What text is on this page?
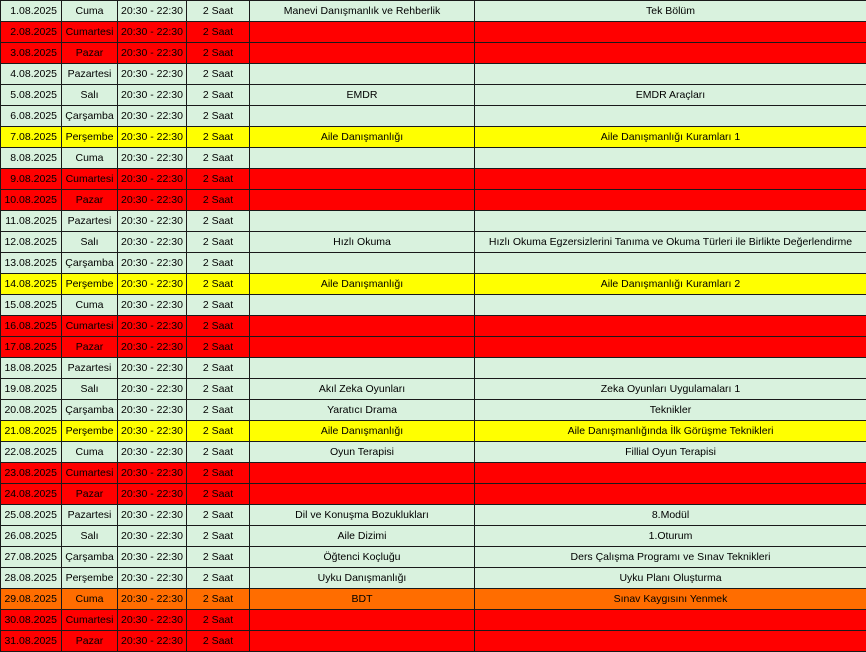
1.08.2025	Cuma	20:30 - 22:30	2 Saat	Manevi Danışmanlık ve Rehberlik	Tek Bölüm
2.08.2025	Cumartesi	20:30 - 22:30	2 Saat		
3.08.2025	Pazar	20:30 - 22:30	2 Saat		
4.08.2025	Pazartesi	20:30 - 22:30	2 Saat		
5.08.2025	Salı	20:30 - 22:30	2 Saat	EMDR	EMDR Araçları
6.08.2025	Çarşamba	20:30 - 22:30	2 Saat		
7.08.2025	Perşembe	20:30 - 22:30	2 Saat	Aile Danışmanlığı	Aile Danışmanlığı Kuramları 1
8.08.2025	Cuma	20:30 - 22:30	2 Saat		
9.08.2025	Cumartesi	20:30 - 22:30	2 Saat		
10.08.2025	Pazar	20:30 - 22:30	2 Saat		
11.08.2025	Pazartesi	20:30 - 22:30	2 Saat		
12.08.2025	Salı	20:30 - 22:30	2 Saat	Hızlı Okuma	Hızlı Okuma Egzersizlerini Tanıma ve Okuma Türleri ile Birlikte Değerlendirme
13.08.2025	Çarşamba	20:30 - 22:30	2 Saat		
14.08.2025	Perşembe	20:30 - 22:30	2 Saat	Aile Danışmanlığı	Aile Danışmanlığı Kuramları 2
15.08.2025	Cuma	20:30 - 22:30	2 Saat		
16.08.2025	Cumartesi	20:30 - 22:30	2 Saat		
17.08.2025	Pazar	20:30 - 22:30	2 Saat		
18.08.2025	Pazartesi	20:30 - 22:30	2 Saat		
19.08.2025	Salı	20:30 - 22:30	2 Saat	Akıl Zeka Oyunları	Zeka Oyunları Uygulamaları 1
20.08.2025	Çarşamba	20:30 - 22:30	2 Saat	Yaratıcı Drama	Teknikler
21.08.2025	Perşembe	20:30 - 22:30	2 Saat	Aile Danışmanlığı	Aile Danışmanlığında İlk Görüşme Teknikleri
22.08.2025	Cuma	20:30 - 22:30	2 Saat	Oyun Terapisi	Fillial Oyun Terapisi
23.08.2025	Cumartesi	20:30 - 22:30	2 Saat		
24.08.2025	Pazar	20:30 - 22:30	2 Saat		
25.08.2025	Pazartesi	20:30 - 22:30	2 Saat	Dil ve Konuşma Bozuklukları	8.Modül
26.08.2025	Salı	20:30 - 22:30	2 Saat	Aile Dizimi	1.Oturum
27.08.2025	Çarşamba	20:30 - 22:30	2 Saat	Öğtenci Koçluğu	Ders Çalışma Programı ve Sınav Teknikleri
28.08.2025	Perşembe	20:30 - 22:30	2 Saat	Uyku Danışmanlığı	Uyku Planı Oluşturma
29.08.2025	Cuma	20:30 - 22:30	2 Saat	BDT	Sınav Kaygısını Yenmek
30.08.2025	Cumartesi	20:30 - 22:30	2 Saat		
31.08.2025	Pazar	20:30 - 22:30	2 Saat		
